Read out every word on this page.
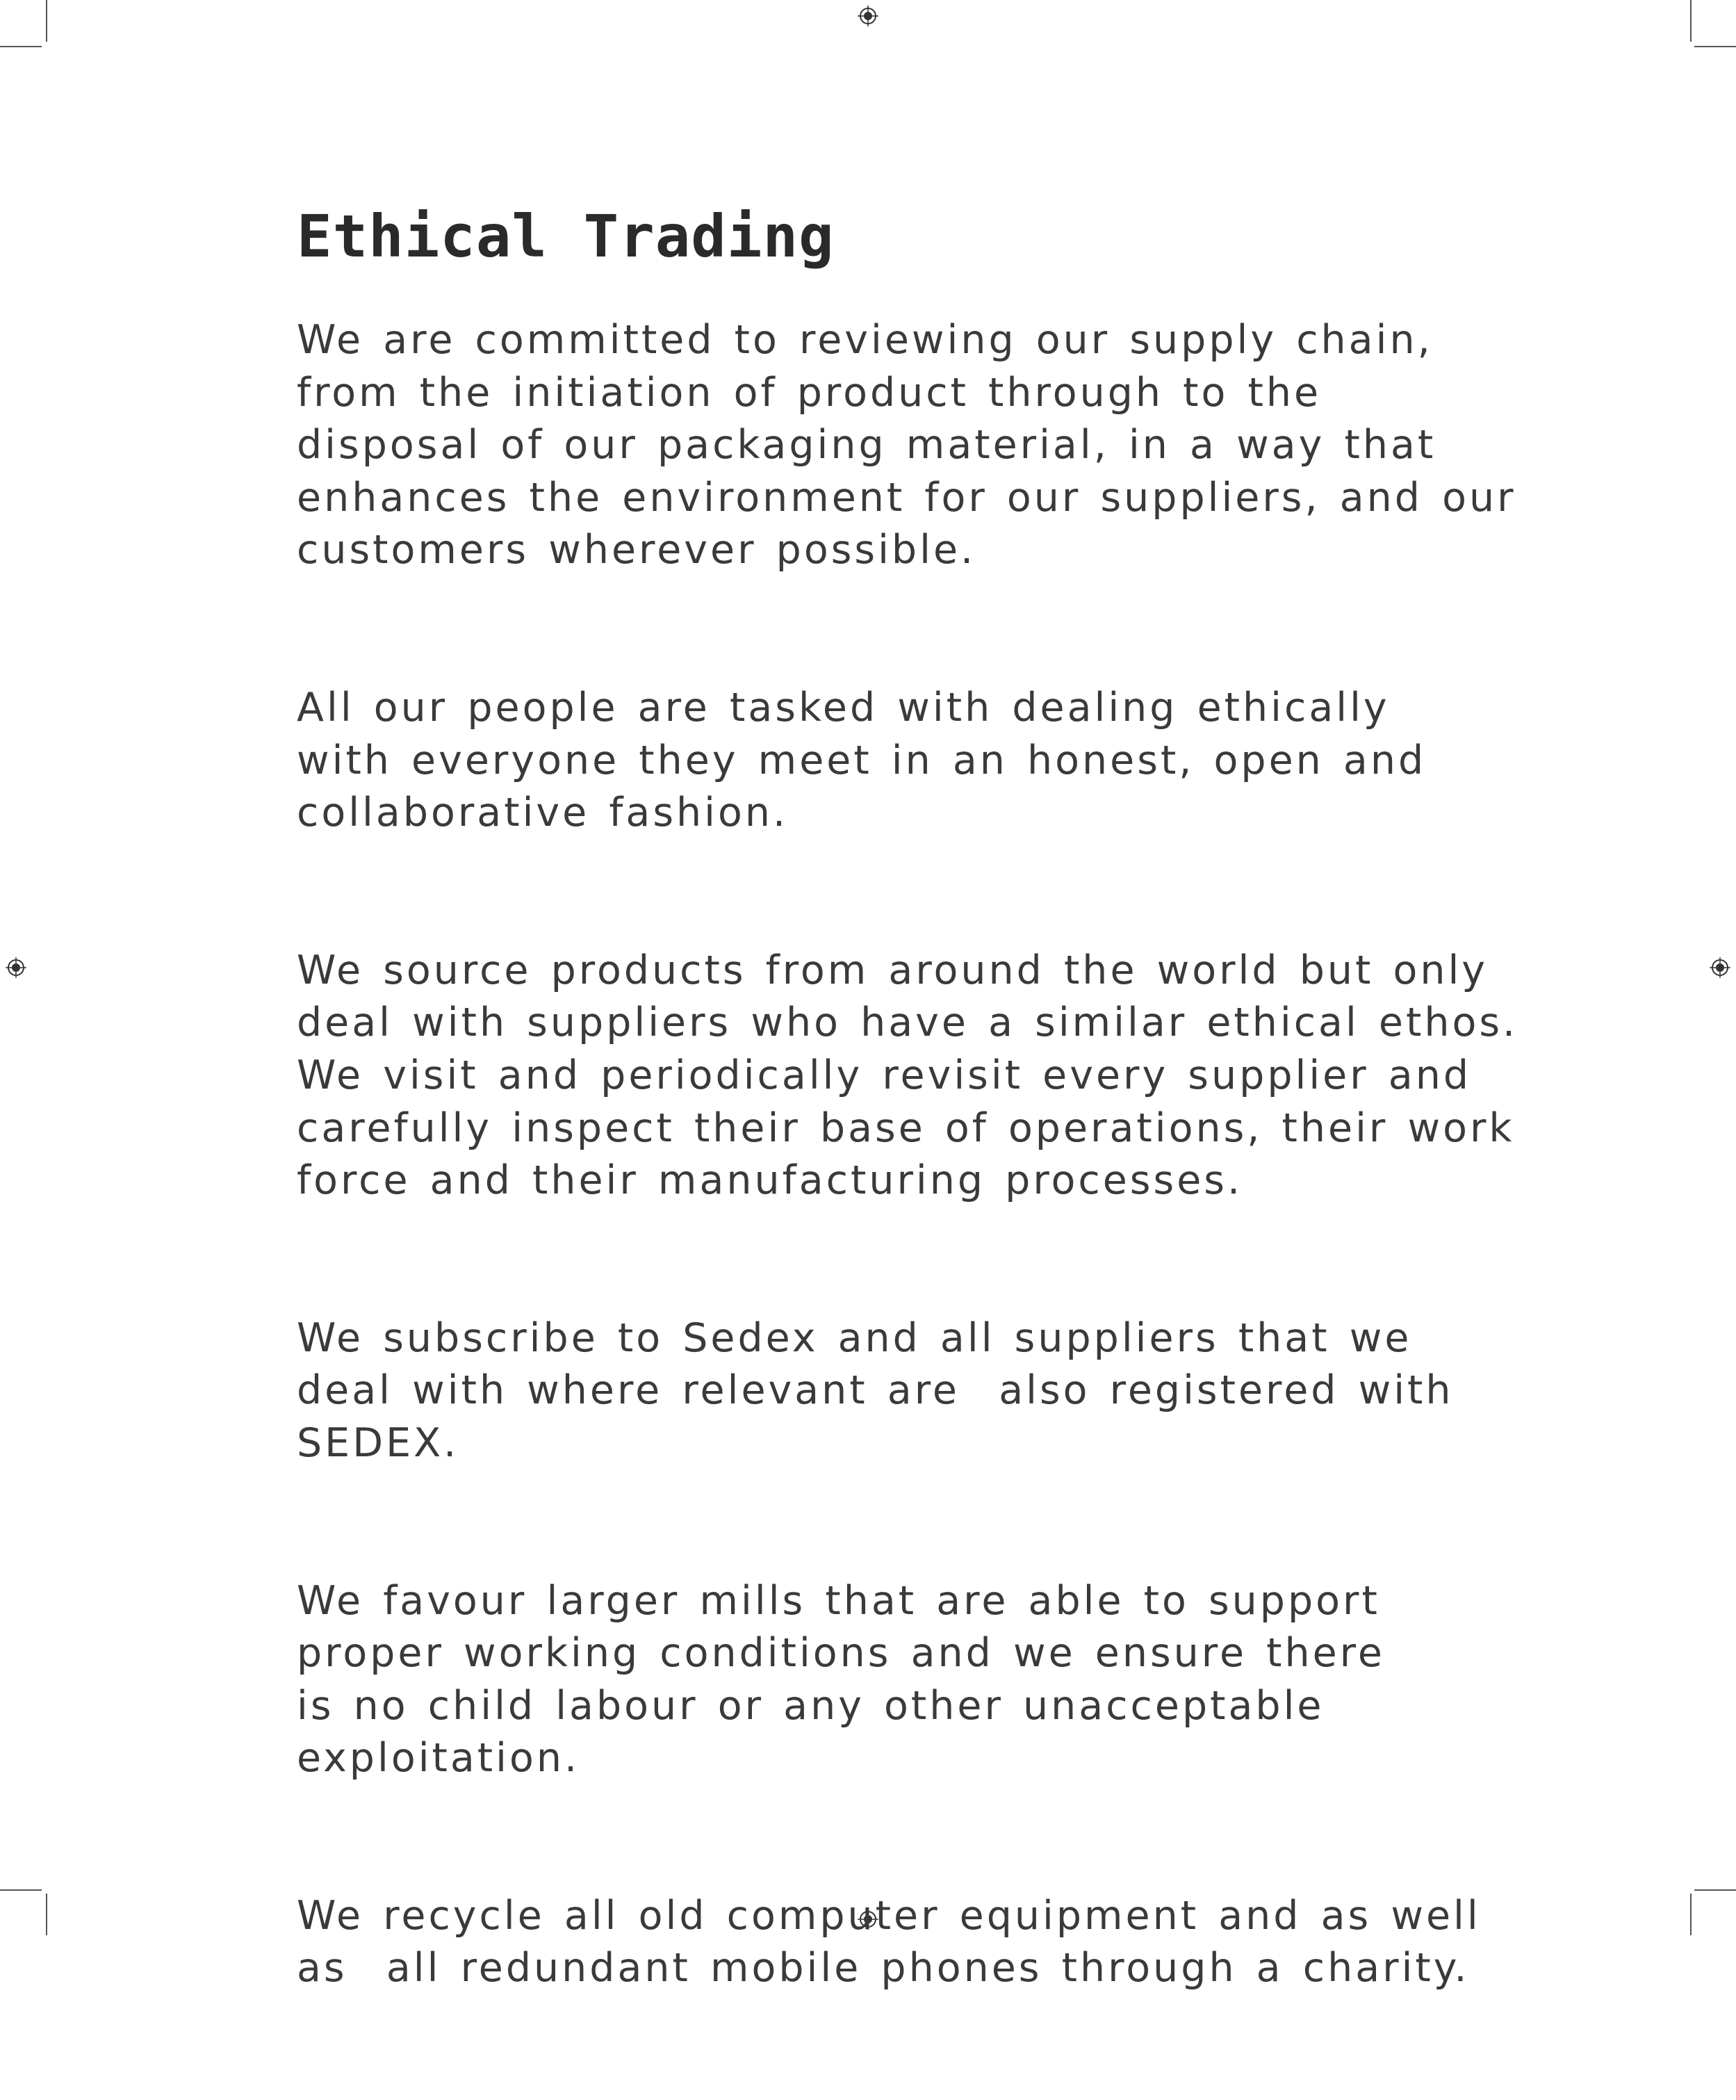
Ethical Trading

We are committed to reviewing our supply chain,
from the initiation of product through to the
disposal of our packaging material, in a way that
enhances the environment for our suppliers, and our
customers wherever possible.

All our people are tasked with dealing ethically
with everyone they meet in an honest, open and
collaborative fashion.

We source products from around the world but only
deal with suppliers who have a similar ethical ethos.
We visit and periodically revisit every supplier and
carefully inspect their base of operations, their work
force and their manufacturing processes.

We subscribe to Sedex and all suppliers that we
deal with where relevant are  also registered with
SEDEX.

We favour larger mills that are able to support
proper working conditions and we ensure there
is no child labour or any other unacceptable
exploitation.

We recycle all old computer equipment and as well
as  all redundant mobile phones through a charity.
